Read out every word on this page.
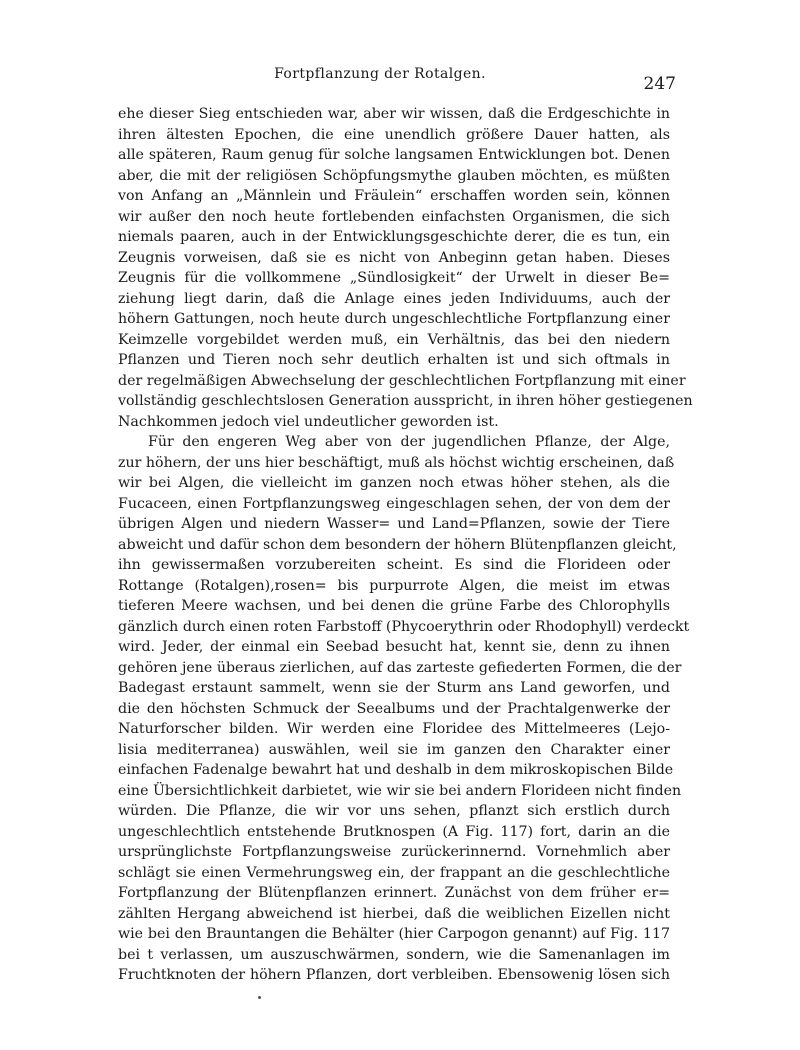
Fortpflanzung der Rotalgen.	247
ehe dieser Sieg entschieden war, aber wir wissen, daß die Erdgeschichte in
ihren ältesten Epochen, die eine unendlich größere Dauer hatten, als
alle späteren, Raum genug für solche langsamen Entwicklungen bot. Denen
aber, die mit der religiösen Schöpfungsmythe glauben möchten, es müßten
von Anfang an „Männlein und Fräulein“ erschaffen worden sein, können
wir außer den noch heute fortlebenden einfachsten Organismen, die sich
niemals paaren, auch in der Entwicklungsgeschichte derer, die es tun, ein
Zeugnis vorweisen, daß sie es nicht von Anbeginn getan haben. Dieses
Zeugnis für die vollkommene „Sündlosigkeit“ der Urwelt in dieser Be=
ziehung liegt darin, daß die Anlage eines jeden Individuums, auch der
höhern Gattungen, noch heute durch ungeschlechtliche Fortpflanzung einer
Keimzelle vorgebildet werden muß, ein Verhältnis, das bei den niedern
Pflanzen und Tieren noch sehr deutlich erhalten ist und sich oftmals in
der regelmäßigen Abwechselung der geschlechtlichen Fortpflanzung mit einer
vollständig geschlechtslosen Generation ausspricht, in ihren höher gestiegenen
Nachkommen jedoch viel undeutlicher geworden ist.
Für den engeren Weg aber von der jugendlichen Pflanze, der Alge,
zur höhern, der uns hier beschäftigt, muß als höchst wichtig erscheinen, daß
wir bei Algen, die vielleicht im ganzen noch etwas höher stehen, als die
Fucaceen, einen Fortpflanzungsweg eingeschlagen sehen, der von dem der
übrigen Algen und niedern Wasser= und Land=Pflanzen, sowie der Tiere
abweicht und dafür schon dem besondern der höhern Blütenpflanzen gleicht,
ihn gewissermaßen vorzubereiten scheint. Es sind die Florideen oder
Rottange (Rotalgen),rosen= bis purpurrote Algen, die meist im etwas
tieferen Meere wachsen, und bei denen die grüne Farbe des Chlorophylls
gänzlich durch einen roten Farbstoff (Phycoerythrin oder Rhodophyll) verdeckt
wird. Jeder, der einmal ein Seebad besucht hat, kennt sie, denn zu ihnen
gehören jene überaus zierlichen, auf das zarteste gefiederten Formen, die der
Badegast erstaunt sammelt, wenn sie der Sturm ans Land geworfen, und
die den höchsten Schmuck der Seealbums und der Prachtalgenwerke der
Naturforscher bilden. Wir werden eine Floridee des Mittelmeeres (Lejo-
lisia mediterranea) auswählen, weil sie im ganzen den Charakter einer
einfachen Fadenalge bewahrt hat und deshalb in dem mikroskopischen Bilde
eine Übersichtlichkeit darbietet, wie wir sie bei andern Florideen nicht finden
würden. Die Pflanze, die wir vor uns sehen, pflanzt sich erstlich durch
ungeschlechtlich entstehende Brutknospen (A Fig. 117) fort, darin an die
ursprünglichste Fortpflanzungsweise zurückerinnernd. Vornehmlich aber
schlägt sie einen Vermehrungsweg ein, der frappant an die geschlechtliche
Fortpflanzung der Blütenpflanzen erinnert. Zunächst von dem früher er=
zählten Hergang abweichend ist hierbei, daß die weiblichen Eizellen nicht
wie bei den Brauntangen die Behälter (hier Carpogon genannt) auf Fig. 117
bei t verlassen, um auszuschwärmen, sondern, wie die Samenanlagen im
Fruchtknoten der höhern Pflanzen, dort verbleiben. Ebensowenig lösen sich
